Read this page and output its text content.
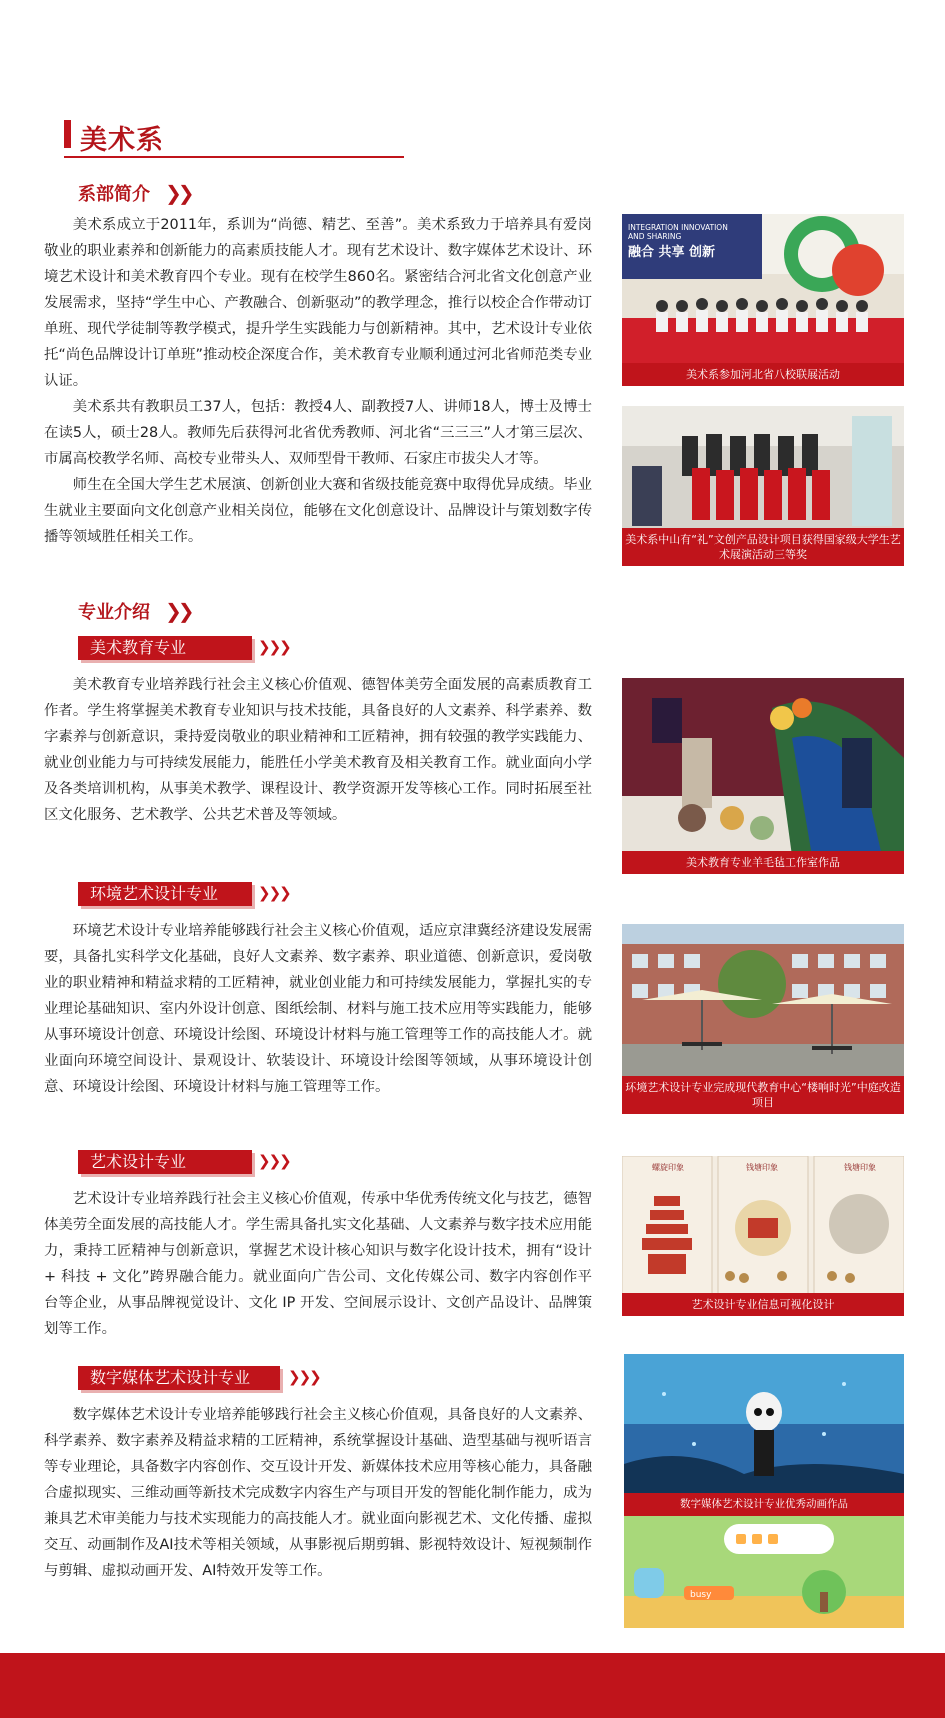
美术系
系部简介 ❯❯

美术系成立于2011年，系训为“尚德、精艺、至善”。美术系致力于培养具有爱岗敬业的职业素养和创新能力的高素质技能人才。现有艺术设计、数字媒体艺术设计、环境艺术设计和美术教育四个专业。现有在校学生860名。紧密结合河北省文化创意产业发展需求，坚持“学生中心、产教融合、创新驱动”的教学理念，推行以校企合作带动订单班、现代学徒制等教学模式，提升学生实践能力与创新精神。其中，艺术设计专业依托“尚色品牌设计订单班”推动校企深度合作，美术教育专业顺利通过河北省师范类专业认证。

美术系共有教职员工37人，包括：教授4人、副教授7人、讲师18人，博士及博士在读5人，硕士28人。教师先后获得河北省优秀教师、河北省“三三三”人才第三层次、市属高校教学名师、高校专业带头人、双师型骨干教师、石家庄市拔尖人才等。

师生在全国大学生艺术展演、创新创业大赛和省级技能竞赛中取得优异成绩。毕业生就业主要面向文化创意产业相关岗位，能够在文化创意设计、品牌设计与策划数字传播等领域胜任相关工作。

INTEGRATION INNOVATION
AND SHARING
融合 共享 创新
美术系参加河北省八校联展活动
美术系中山有“礼”文创产品设计项目获得国家级大学生艺术展演活动三等奖
专业介绍 ❯❯
美术教育专业	❯❯❯

美术教育专业培养践行社会主义核心价值观、德智体美劳全面发展的高素质教育工作者。学生将掌握美术教育专业知识与技术技能，具备良好的人文素养、科学素养、数字素养与创新意识，秉持爱岗敬业的职业精神和工匠精神，拥有较强的教学实践能力、就业创业能力与可持续发展能力，能胜任小学美术教育及相关教育工作。就业面向小学及各类培训机构，从事美术教学、课程设计、教学资源开发等核心工作。同时拓展至社区文化服务、艺术教学、公共艺术普及等领域。

美术教育专业羊毛毡工作室作品
环境艺术设计专业	❯❯❯

环境艺术设计专业培养能够践行社会主义核心价值观，适应京津冀经济建设发展需要，具备扎实科学文化基础，良好人文素养、数字素养、职业道德、创新意识，爱岗敬业的职业精神和精益求精的工匠精神，就业创业能力和可持续发展能力，掌握扎实的专业理论基础知识、室内外设计创意、图纸绘制、材料与施工技术应用等实践能力，能够从事环境设计创意、环境设计绘图、环境设计材料与施工管理等工作的高技能人才。就业面向环境空间设计、景观设计、软装设计、环境设计绘图等领域，从事环境设计创意、环境设计绘图、环境设计材料与施工管理等工作。	环境艺术设计专业完成现代教育中心“楼响时光”中庭改造项目
艺术设计专业	❯❯❯

艺术设计专业培养践行社会主义核心价值观，传承中华优秀传统文化与技艺，德智体美劳全面发展的高技能人才。学生需具备扎实文化基础、人文素养与数字技术应用能力，秉持工匠精神与创新意识，掌握艺术设计核心知识与数字化设计技术，拥有“设计 + 科技 + 文化”跨界融合能力。就业面向广告公司、文化传媒公司、数字内容创作平台等企业，从事品牌视觉设计、文化 IP 开发、空间展示设计、文创产品设计、品牌策划等工作。

螺旋印象	钱塘印象	钱塘印象
艺术设计专业信息可视化设计
数字媒体艺术设计专业	❯❯❯

数字媒体艺术设计专业培养能够践行社会主义核心价值观，具备良好的人文素养、科学素养、数字素养及精益求精的工匠精神，系统掌握设计基础、造型基础与视听语言等专业理论，具备数字内容创作、交互设计开发、新媒体技术应用等核心能力，具备融合虚拟现实、三维动画等新技术完成数字内容生产与项目开发的智能化制作能力，成为兼具艺术审美能力与技术实现能力的高技能人才。就业面向影视艺术、文化传播、虚拟交互、动画制作及AI技术等相关领域，从事影视后期剪辑、影视特效设计、短视频制作与剪辑、虚拟动画开发、AI特效开发等工作。

数字媒体艺术设计专业优秀动画作品
busy
